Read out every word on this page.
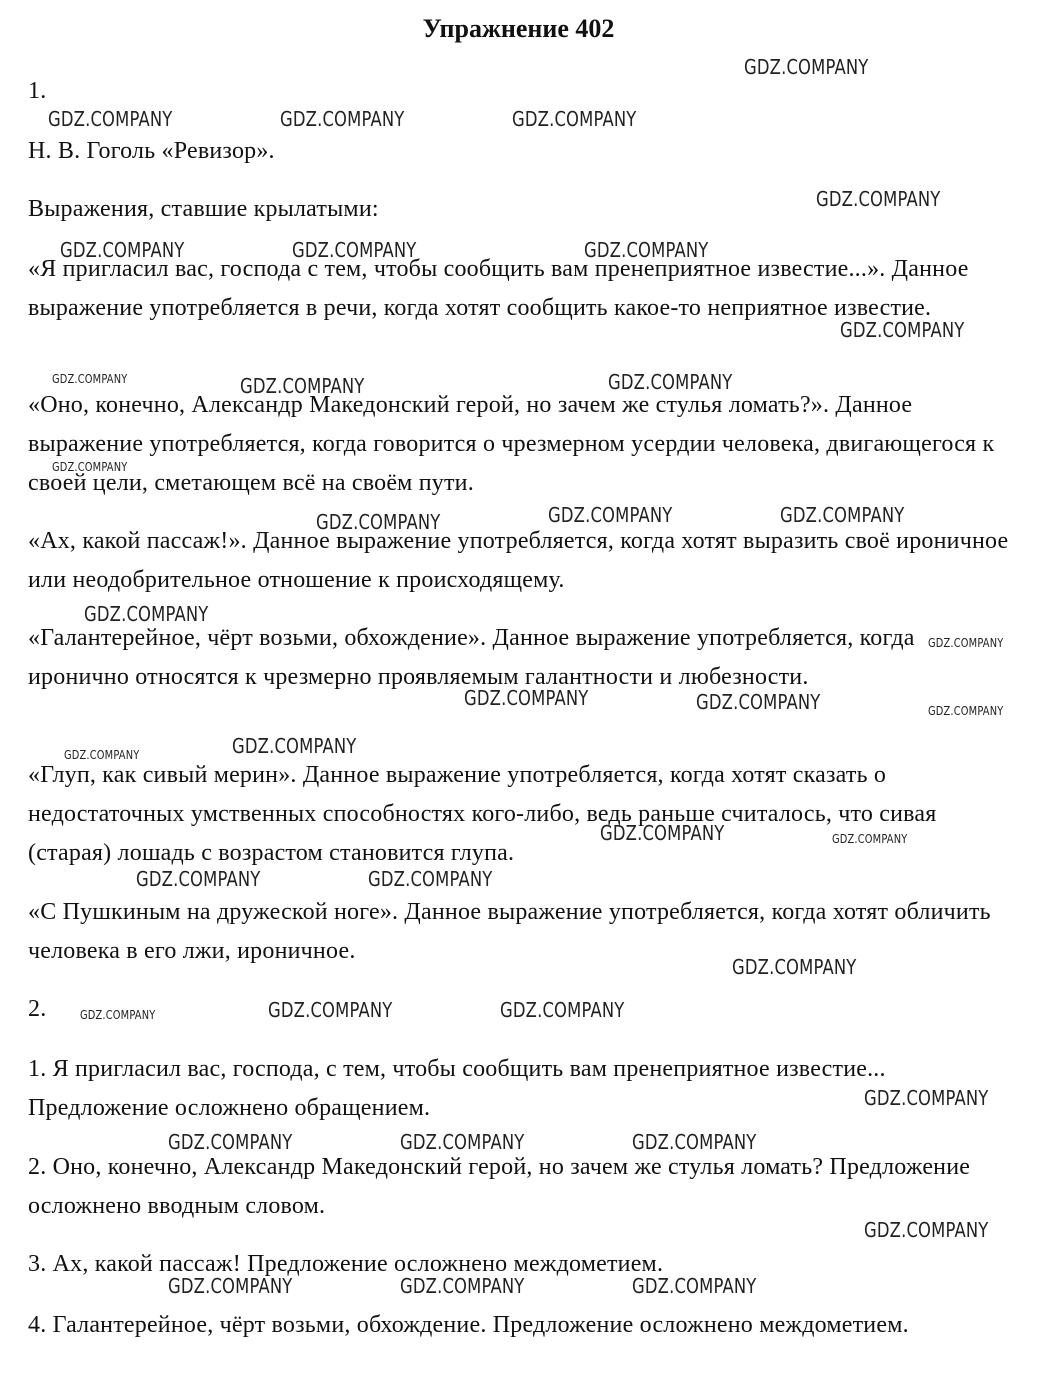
Упражнение 402
1.
Н. В. Гоголь «Ревизор».
Выражения, ставшие крылатыми:

«Я пригласил вас, господа с тем, чтобы сообщить вам пренеприятное известие...». Данное выражение употребляется в речи, когда хотят сообщить какое-то неприятное известие.

«Оно, конечно, Александр Македонский герой, но зачем же стулья ломать?». Данное выражение употребляется, когда говорится о чрезмерном усердии человека, двигающегося к своей цели, сметающем всё на своём пути.

«Ах, какой пассаж!». Данное выражение употребляется, когда хотят выразить своё ироничное или неодобрительное отношение к происходящему.

«Галантерейное, чёрт возьми, обхождение». Данное выражение употребляется, когда иронично относятся к чрезмерно проявляемым галантности и любезности.

«Глуп, как сивый мерин». Данное выражение употребляется, когда хотят сказать о недостаточных умственных способностях кого-либо, ведь раньше считалось, что сивая (старая) лошадь с возрастом становится глупа.

«С Пушкиным на дружеской ноге». Данное выражение употребляется, когда хотят обличить человека в его лжи, ироничное.

2.

1. Я пригласил вас, господа, с тем, чтобы сообщить вам пренеприятное известие... Предложение осложнено обращением.

2. Оно, конечно, Александр Македонский герой, но зачем же стулья ломать? Предложение осложнено вводным словом.

3. Ах, какой пассаж! Предложение осложнено междометием.

4. Галантерейное, чёрт возьми, обхождение. Предложение осложнено междометием.

GDZ.COMPANY
GDZ.COMPANY	GDZ.COMPANY	GDZ.COMPANY
GDZ.COMPANY
GDZ.COMPANY	GDZ.COMPANY	GDZ.COMPANY
GDZ.COMPANY
GDZ.COMPANY	GDZ.COMPANY	GDZ.COMPANY
GDZ.COMPANY
GDZ.COMPANY	GDZ.COMPANY	GDZ.COMPANY
GDZ.COMPANY
GDZ.COMPANY
GDZ.COMPANY	GDZ.COMPANY	GDZ.COMPANY
GDZ.COMPANY	GDZ.COMPANY
GDZ.COMPANY	GDZ.COMPANY
GDZ.COMPANY	GDZ.COMPANY
GDZ.COMPANY
GDZ.COMPANY	GDZ.COMPANY	GDZ.COMPANY
GDZ.COMPANY
GDZ.COMPANY	GDZ.COMPANY	GDZ.COMPANY
GDZ.COMPANY
GDZ.COMPANY	GDZ.COMPANY	GDZ.COMPANY
